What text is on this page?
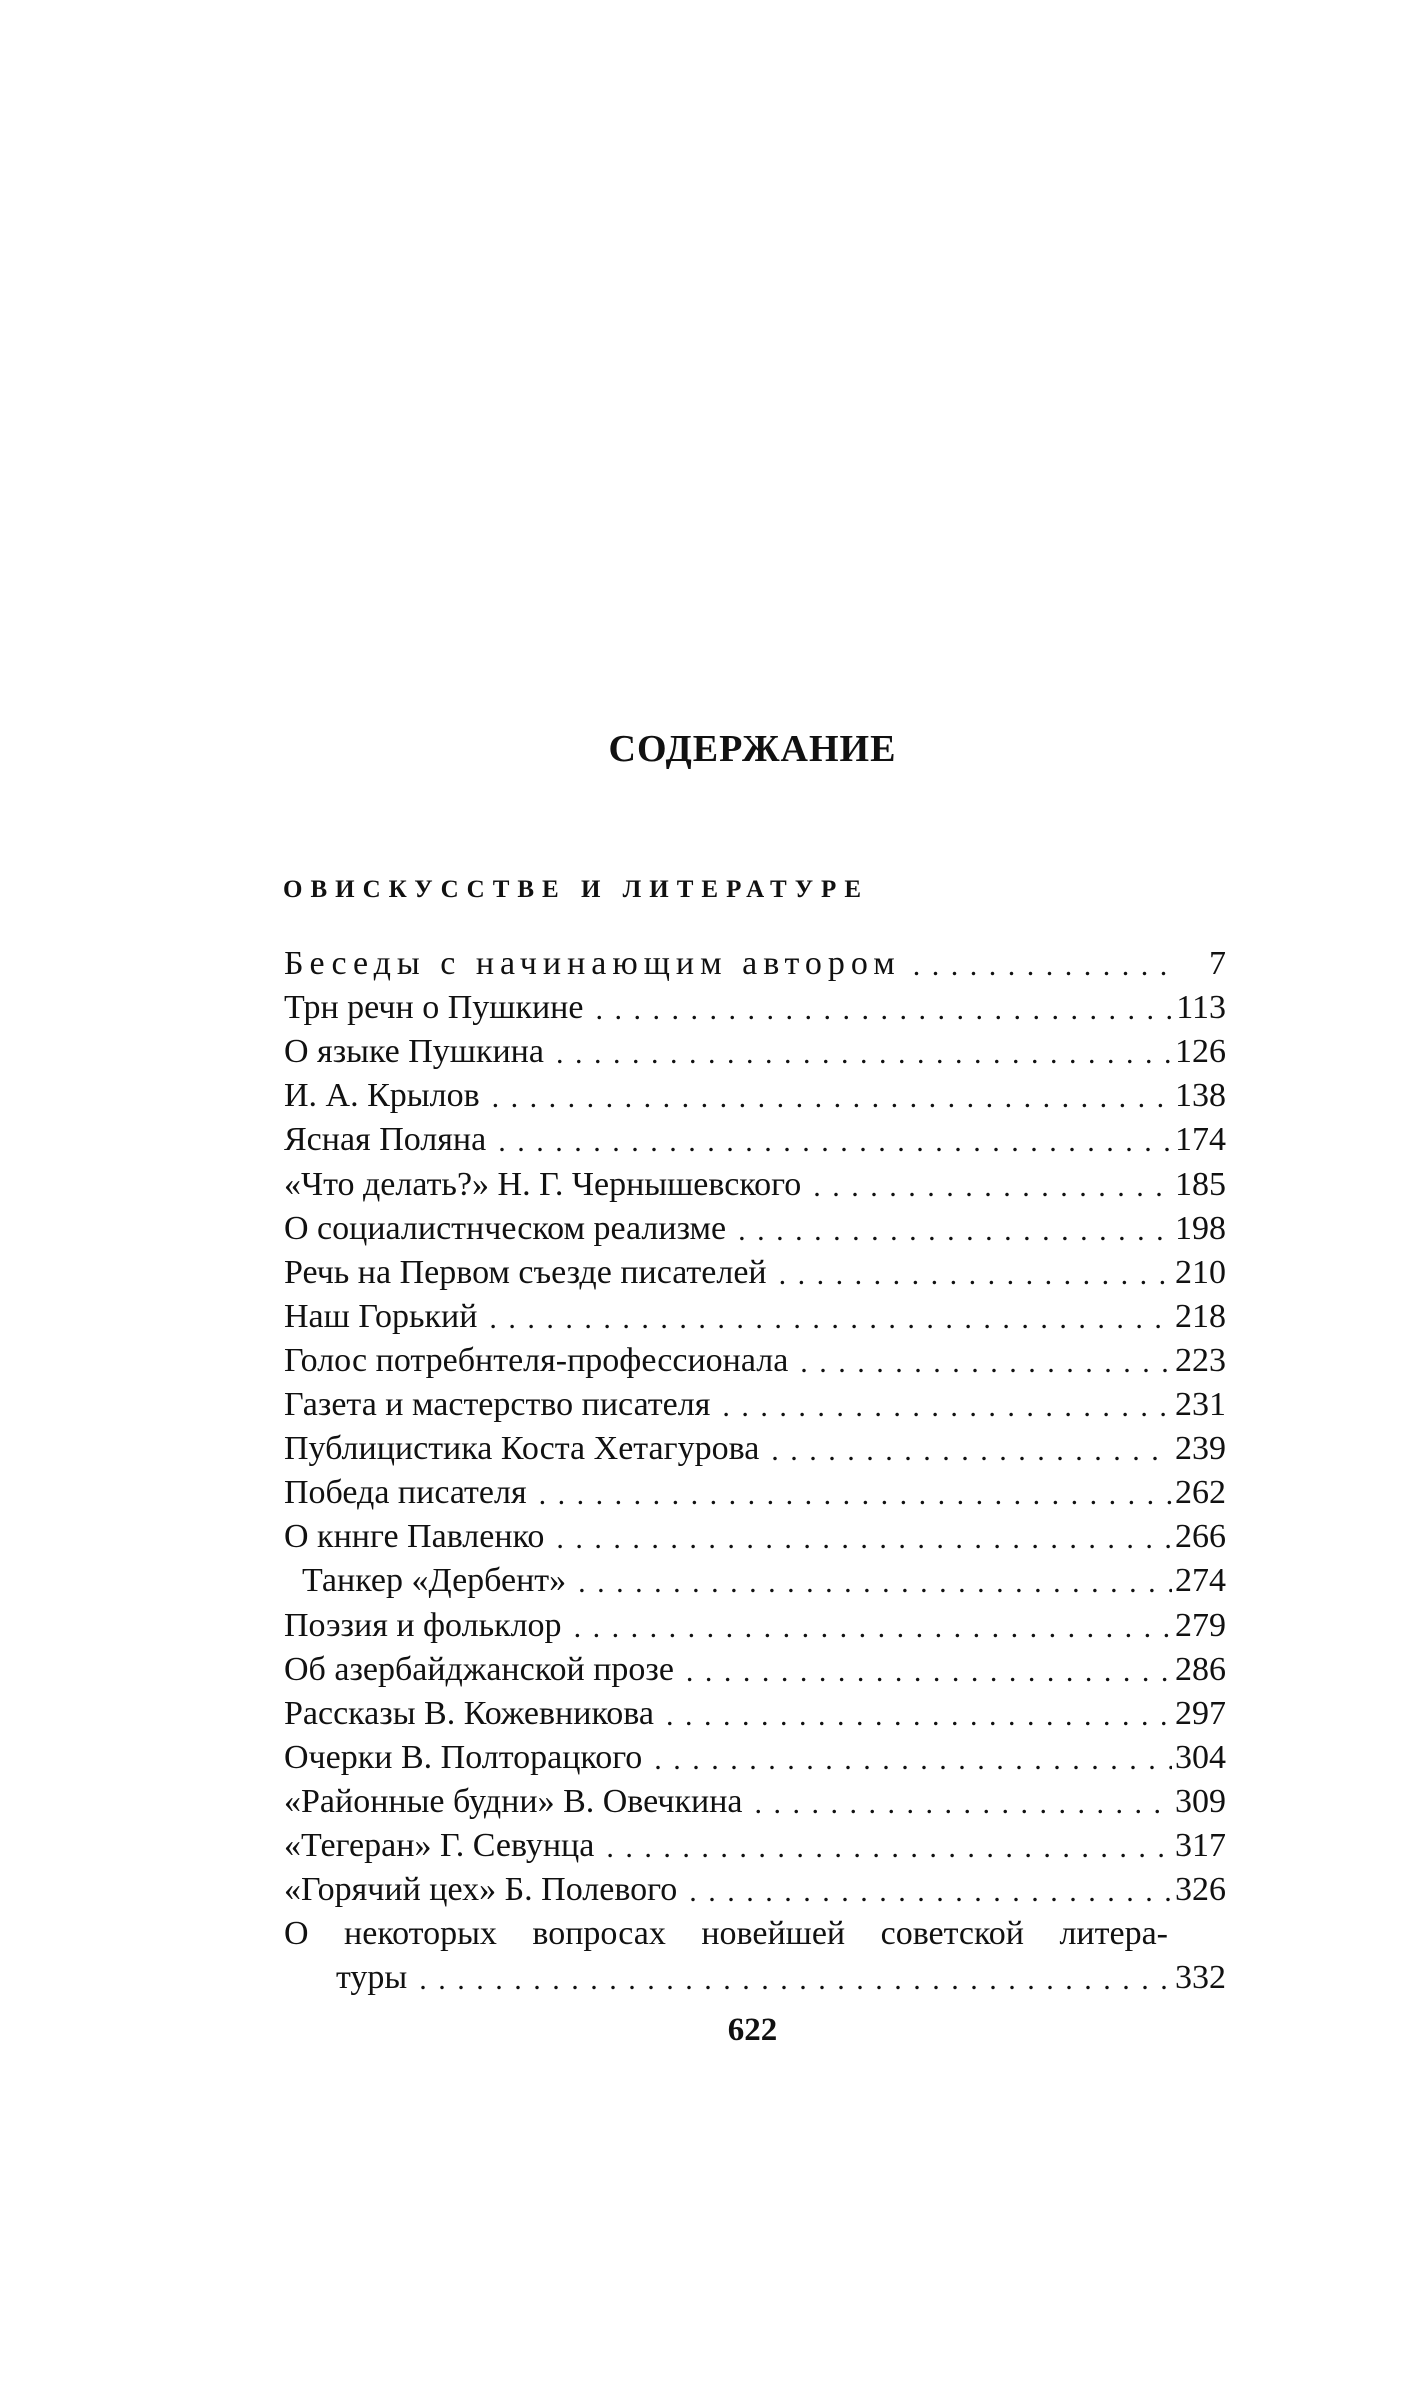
СОДЕРЖАНИЕ
ОВИСКУССТВЕ И ЛИТЕРАТУРЕ
Беседы с начинающим автором . . .	7
Трн речн о Пушкине . . .	113
О языке Пушкина . . .	126
И. А. Крылов . . .	138
Ясная Поляна . . .	174
«Что делать?» Н. Г. Чернышевского . . .	185
О социалистнческом реализме . . .	198
Речь на Первом съезде писателей . . .	210
Наш Горький . . .	218
Голос потребнтеля-профессионала . . .	223
Газета и мастерство писателя . . .	231
Публицистика Коста Хетагурова . . .	239
Победа писателя . . .	262
О кннге Павленко . . .	266
Танкер «Дербент» . . .	274
Поэзия и фольклор . . .	279
Об азербайджанской прозе . . .	286
Рассказы В. Кожевникова . . .	297
Очерки В. Полторацкого . . .	304
«Районные будни» В. Овечкина . . .	309
«Тегеран» Г. Севунца . . .	317
«Горячий цех» Б. Полевого . . .	326
О некоторых вопросах новейшей советской литера-
туры . . .	332
622
